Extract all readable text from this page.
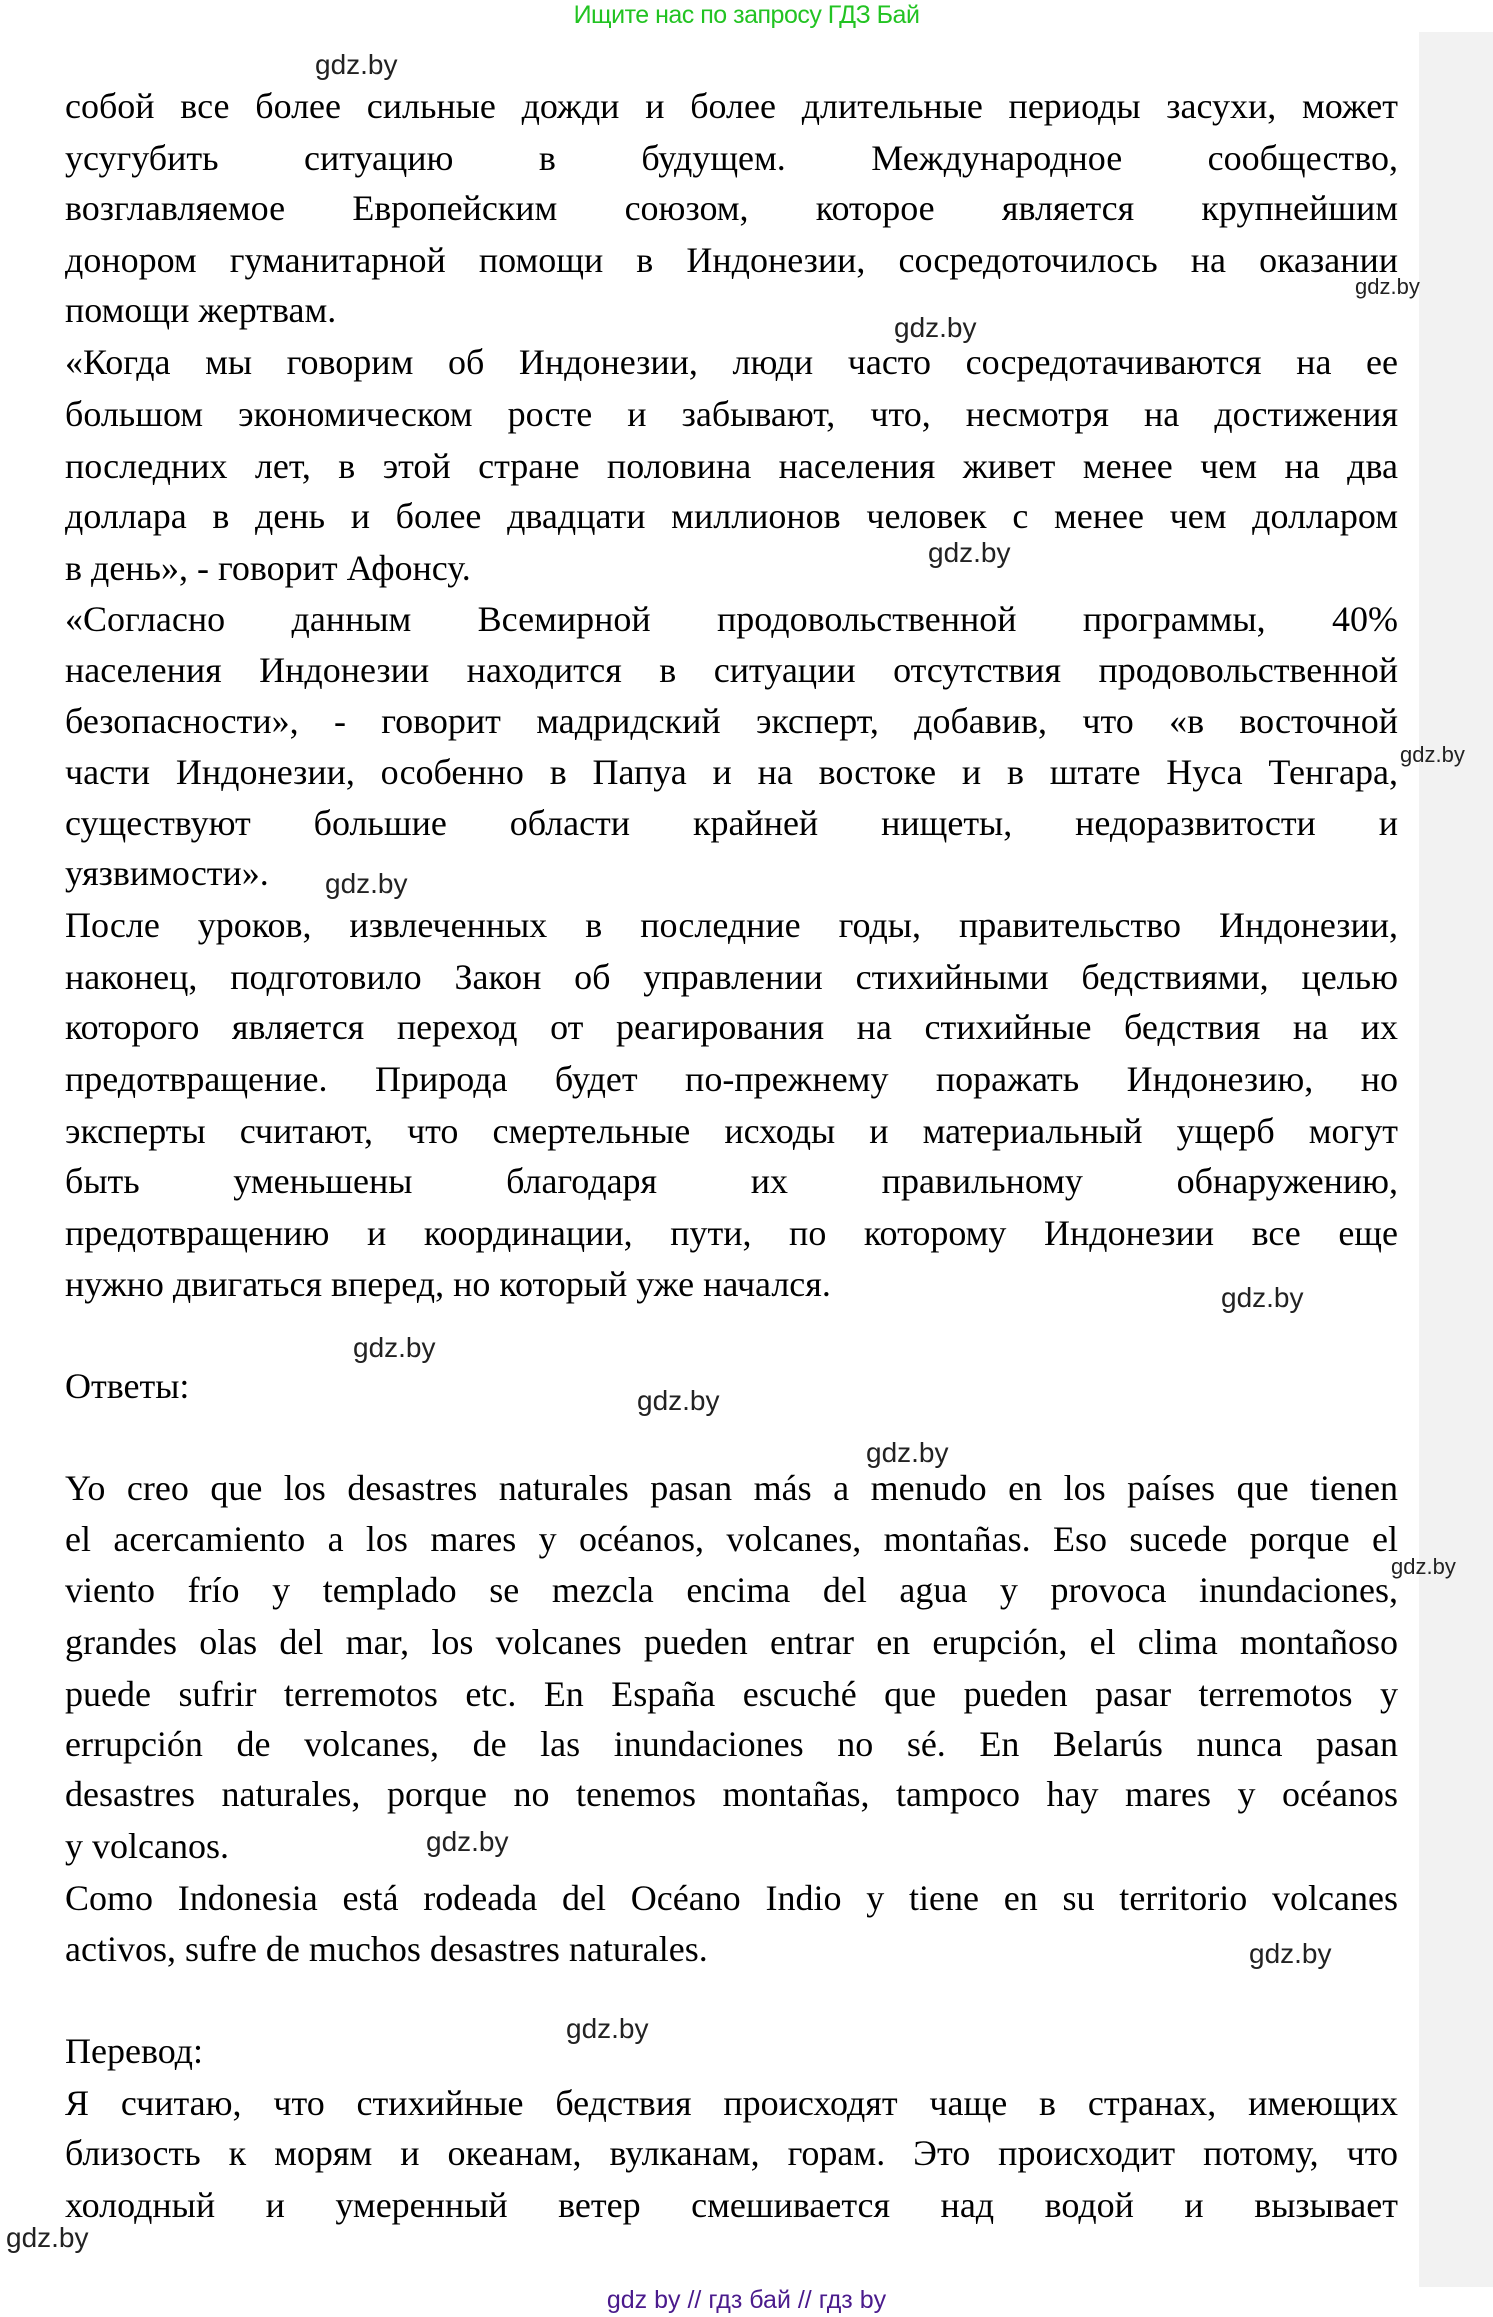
Ищите нас по запросу ГДЗ Бай
собой все более сильные дожди и более длительные периоды засухи, может
усугубить ситуацию в будущем. Международное сообщество,
возглавляемое Европейским союзом, которое является крупнейшим
донором гуманитарной помощи в Индонезии, сосредоточилось на оказании
помощи жертвам.
«Когда мы говорим об Индонезии, люди часто сосредотачиваются на ее
большом экономическом росте и забывают, что, несмотря на достижения
последних лет, в этой стране половина населения живет менее чем на два
доллара в день и более двадцати миллионов человек с менее чем долларом
в день», - говорит Афонсу.
«Согласно данным Всемирной продовольственной программы, 40%
населения Индонезии находится в ситуации отсутствия продовольственной
безопасности», - говорит мадридский эксперт, добавив, что «в восточной
части Индонезии, особенно в Папуа и на востоке и в штате Нуса Тенгара,
существуют большие области крайней нищеты, недоразвитости и
уязвимости».
После уроков, извлеченных в последние годы, правительство Индонезии,
наконец, подготовило Закон об управлении стихийными бедствиями, целью
которого является переход от реагирования на стихийные бедствия на их
предотвращение. Природа будет по-прежнему поражать Индонезию, но
эксперты считают, что смертельные исходы и материальный ущерб могут
быть уменьшены благодаря их правильному обнаружению,
предотвращению и координации, пути, по которому Индонезии все еще
нужно двигаться вперед, но который уже начался.
Ответы:
Yo creo que los desastres naturales pasan más a menudo en los países que tienen
el acercamiento a los mares y océanos, volcanes, montañas. Eso sucede porque el
viento frío y templado se mezcla encima del agua y provoca inundaciones,
grandes olas del mar, los volcanes pueden entrar en erupción, el clima montañoso
puede sufrir terremotos etc. En España escuché que pueden pasar terremotos y
errupción de volcanes, de las inundaciones no sé. En Belarús nunca pasan
desastres naturales, porque no tenemos montañas, tampoco hay mares y océanos
y volcanos.
Como Indonesia está rodeada del Océano Indio y tiene en su territorio volcanes
activos, sufre de muchos desastres naturales.
Перевод:
Я считаю, что стихийные бедствия происходят чаще в странах, имеющих
близость к морям и океанам, вулканам, горам. Это происходит потому, что
холодный и умеренный ветер смешивается над водой и вызывает
gdz.by
gdz.by
gdz.by
gdz.by
gdz.by
gdz.by
gdz.by
gdz.by
gdz.by
gdz.by
gdz.by
gdz.by
gdz.by
gdz.by
gdz.by
gdz by // гдз бай // гдз by
